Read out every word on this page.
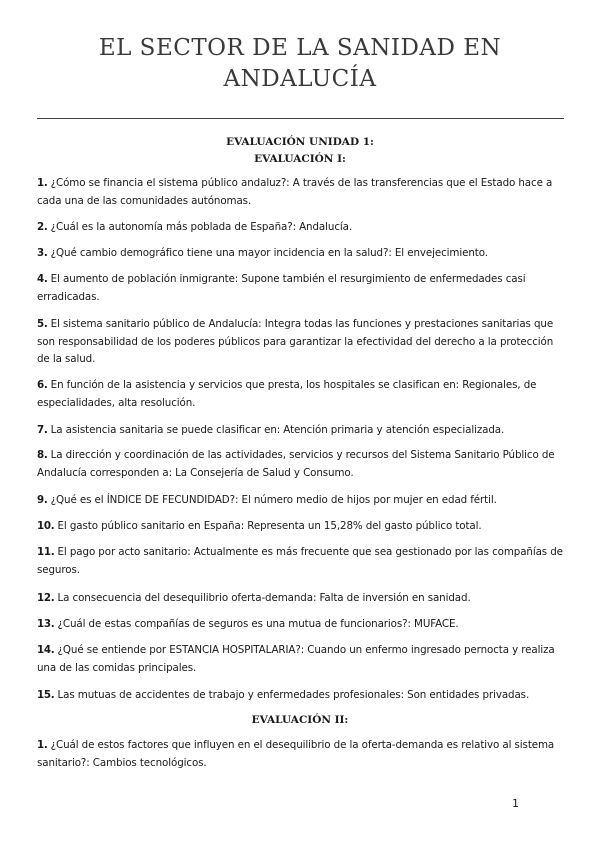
EL SECTOR DE LA SANIDAD EN
ANDALUCÍA
EVALUACIÓN UNIDAD 1:
EVALUACIÓN I:

1. ¿Cómo se financia el sistema público andaluz?: A través de las transferencias que el Estado hace a cada una de las comunidades autónomas.

2. ¿Cuál es la autonomía más poblada de España?: Andalucía.

3. ¿Qué cambio demográfico tiene una mayor incidencia en la salud?: El envejecimiento.

4. El aumento de población inmigrante: Supone también el resurgimiento de enfermedades casi erradicadas.

5. El sistema sanitario público de Andalucía: Integra todas las funciones y prestaciones sanitarias que son responsabilidad de los poderes públicos para garantizar la efectividad del derecho a la protección de la salud.

6. En función de la asistencia y servicios que presta, los hospitales se clasifican en: Regionales, de especialidades, alta resolución.

7. La asistencia sanitaria se puede clasificar en: Atención primaria y atención especializada.

8. La dirección y coordinación de las actividades, servicios y recursos del Sistema Sanitario Público de Andalucía corresponden a: La Consejería de Salud y Consumo.

9. ¿Qué es el ÍNDICE DE FECUNDIDAD?: El número medio de hijos por mujer en edad fértil.

10. El gasto público sanitario en España: Representa un 15,28% del gasto público total.

11. El pago por acto sanitario: Actualmente es más frecuente que sea gestionado por las compañías de seguros.

12. La consecuencia del desequilibrio oferta-demanda: Falta de inversión en sanidad.

13. ¿Cuál de estas compañías de seguros es una mutua de funcionarios?: MUFACE.

14. ¿Qué se entiende por ESTANCIA HOSPITALARIA?: Cuando un enfermo ingresado pernocta y realiza una de las comidas principales.

15. Las mutuas de accidentes de trabajo y enfermedades profesionales: Son entidades privadas.

EVALUACIÓN II:

1. ¿Cuál de estos factores que influyen en el desequilibrio de la oferta-demanda es relativo al sistema sanitario?: Cambios tecnológicos.

1
